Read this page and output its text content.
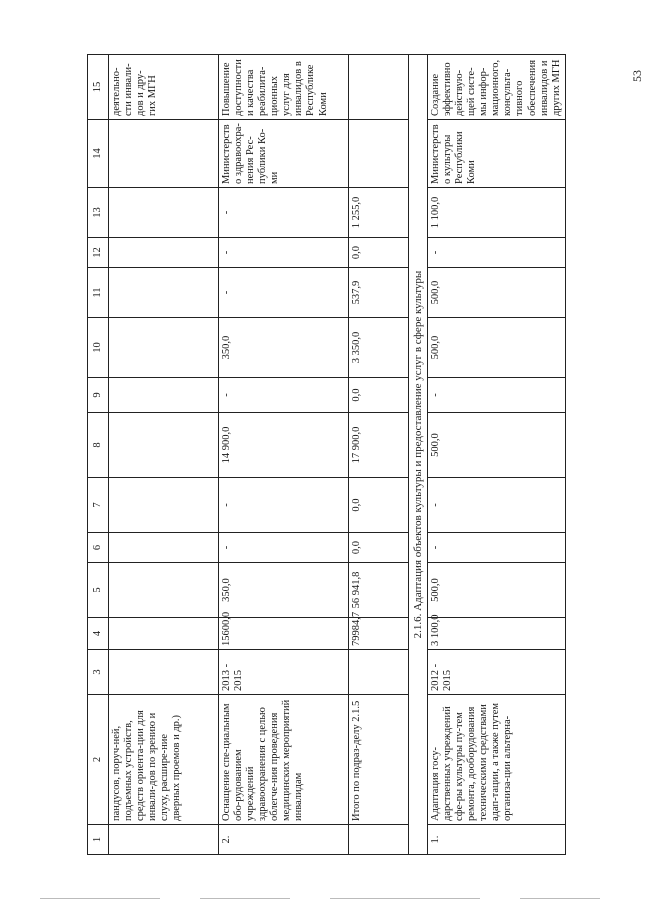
53
1	2	3	4	5	6	7	8	9	10	11	12	13	14	15
	пандусов, поруч-ней, подъемных устройств, средств ориента-ции для инвали-дов по зрению и слуху, расшире-ние дверных проемов и др.)													деятельно-сти инвали-дов и дру-гих МГН
2.	Оснащение спе-циальным обо-рудованием учреждений здравоохранения с целью облегче-ния проведения медицинских мероприятий инвалидам	2013 - 2015	15600,0	350,0	-	-	14 900,0	-	350,0	-	-	-	Министерство здравоохра-нения Рес-публики Ко-ми	Повышение доступности и качества реабилита-ционных услуг для инвалидов в Республике Коми
	Итого по подраз-делу 2.1.5		79984,7	56 941,8	0,0	0,0	17 900,0	0,0	3 350,0	537,9	0,0	1 255,0		
2.1.6. Адаптация объектов культуры и предоставление услуг в сфере культуры														
1.	Адаптация госу-дарственных учреждений сфе-ры культуры пу-тем ремонта, дооборудования техническими средствами адап-тации, а также путем организа-ции альтерна-	2012 - 2015	3 100,0	500,0	-	-	500,0	-	500,0	500,0	-	1 100,0	Министерство культуры Республики Коми	Создание эффективно действую-щей систе-мы инфор-мационного, консульта-тивного обеспечения инвалидов и других МГН
